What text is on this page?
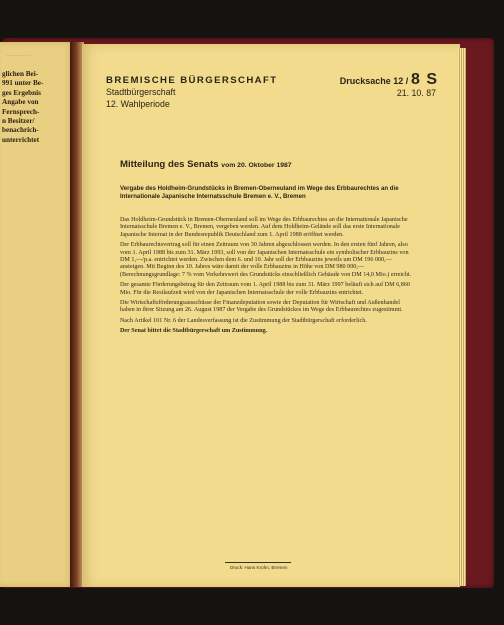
──────
glichen Bei-
991 unter Be-
ges Ergebnis
Angabe von
Fernsprech-
n Besitzer/
benachrich-
unterrichtet
BREMISCHE BÜRGERSCHAFT
Stadtbürgerschaft
12. Wahlperiode
Drucksache 12 / 8 S
21. 10. 87
Mitteilung des Senats vom 20. Oktober 1987
Vergabe des Holdheim-Grundstücks in Bremen-Oberneuland im Wege des Erbbaurechtes an die Internationale Japanische Internatsschule Bremen e. V., Bremen

Das Holdheim-Grundstück in Bremen-Oberneuland soll im Wege des Erbbaurechtes an die Internationale Japanische Internatsschule Bremen e. V., Bremen, vergeben werden. Auf dem Holdheim-Gelände soll das erste Internationale Japanische Internat in der Bundesrepublik Deutschland zum 1. April 1988 eröffnet werden.

Der Erbbaurechtsvertrag soll für einen Zeitraum von 30 Jahren abgeschlossen werden. In den ersten fünf Jahren, also vom 1. April 1988 bis zum 31. März 1993, soll von der Japanischen Internatsschule ein symbolischer Erbbauzins von DM 1,—/p.a. entrichtet werden. Zwischen dem 6. und 10. Jahr soll der Erbbauzins jeweils um DM 196 000,— ansteigen. Mit Beginn des 10. Jahres wäre damit der volle Erbbauzins in Höhe von DM 980 000,— (Berechnungsgrundlage: 7 % vom Verkehrswert des Grundstücks einschließlich Gebäude von DM 14,0 Mio.) erreicht.

Der gesamte Förderungsbetrag für den Zeitraum vom 1. April 1988 bis zum 31. März 1997 beläuft sich auf DM 6,860 Mio. Für die Restlaufzeit wird von der Japanischen Internatsschule der volle Erbbauzins entrichtet.

Die Wirtschaftsförderungsausschüsse der Finanzdeputation sowie der Deputation für Wirtschaft und Außenhandel haben in ihrer Sitzung am 26. August 1987 der Vergabe des Grundstückes im Wege des Erbbaurechtes zugestimmt.

Nach Artikel 101 Nr. 6 der Landesverfassung ist die Zustimmung der Stadtbürgerschaft erforderlich.

Der Senat bittet die Stadtbürgerschaft um Zustimmung.

Druck: Hans Krohn, Bremen
